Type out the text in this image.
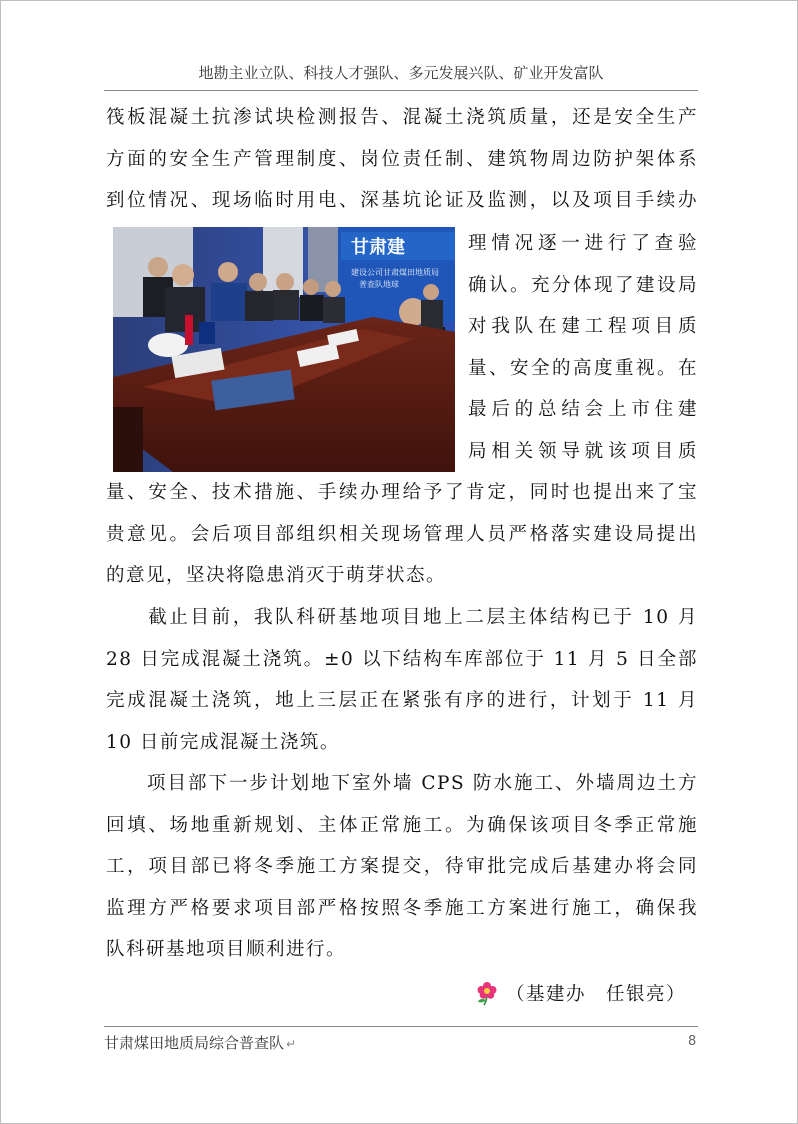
地勘主业立队、科技人才强队、多元发展兴队、矿业开发富队
筏板混凝土抗渗试块检测报告、混凝土浇筑质量，还是安全生产
方面的安全生产管理制度、岗位责任制、建筑物周边防护架体系
到位情况、现场临时用电、深基坑论证及监测，以及项目手续办
甘肃建
建设公司甘肃煤田地质局
普查队地球
理情况逐一进行了查验
确认。充分体现了建设局
对我队在建工程项目质
量、安全的高度重视。在
最后的总结会上市住建
局相关领导就该项目质
量、安全、技术措施、手续办理给予了肯定，同时也提出来了宝
贵意见。会后项目部组织相关现场管理人员严格落实建设局提出
的意见，坚决将隐患消灭于萌芽状态。
　　截止目前，我队科研基地项目地上二层主体结构已于 10 月
28 日完成混凝土浇筑。±0 以下结构车库部位于 11 月 5 日全部
完成混凝土浇筑，地上三层正在紧张有序的进行，计划于 11 月
10 日前完成混凝土浇筑。
　　项目部下一步计划地下室外墙 CPS 防水施工、外墙周边土方
回填、场地重新规划、主体正常施工。为确保该项目冬季正常施
工，项目部已将冬季施工方案提交，待审批完成后基建办将会同
监理方严格要求项目部严格按照冬季施工方案进行施工，确保我
队科研基地项目顺利进行。
（基建办　任银亮）
甘肃煤田地质局综合普查队 ↵	8
